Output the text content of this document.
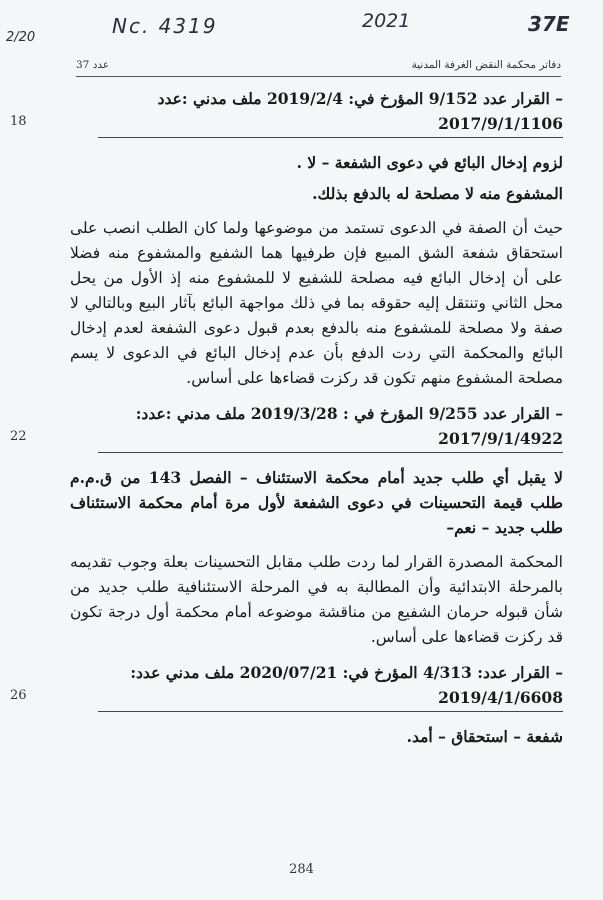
2/20	Nc. 4319	2021	37E
دفاتر محكمة النقض الغرفة المدنية
عدد 37
– القرار عدد 9/152 المؤرخ في: 2019/2/4 ملف مدني :عدد
2017/9/1/1106
18

لزوم إدخال البائع في دعوى الشفعة – لا .

المشفوع منه لا مصلحة له بالدفع بذلك.

حيث أن الصفة في الدعوى تستمد من موضوعها ولما كان الطلب انصب على استحقاق شفعة الشق المبيع فإن طرفيها هما الشفيع والمشفوع منه فضلا على أن إدخال البائع فيه مصلحة للشفيع لا للمشفوع منه إذ الأول من يحل محل الثاني وتنتقل إليه حقوقه بما في ذلك مواجهة البائع بآثار البيع وبالتالي لا صفة ولا مصلحة للمشفوع منه بالدفع بعدم قبول دعوى الشفعة لعدم إدخال البائع والمحكمة التي ردت الدفع بأن عدم إدخال البائع في الدعوى لا يسم مصلحة المشفوع منهم تكون قد ركزت قضاءها على أساس.

– القرار عدد 9/255 المؤرخ في : 2019/3/28 ملف مدني :عدد:
2017/9/1/4922
22

لا يقبل أي طلب جديد أمام محكمة الاستئناف – الفصل 143 من ق.م.م طلب قيمة التحسينات في دعوى الشفعة لأول مرة أمام محكمة الاستئناف طلب جديد – نعم–

المحكمة المصدرة القرار لما ردت طلب مقابل التحسينات بعلة وجوب تقديمه بالمرحلة الابتدائية وأن المطالبة به في المرحلة الاستئنافية طلب جديد من شأن قبوله حرمان الشفيع من مناقشة موضوعه أمام محكمة أول درجة تكون قد ركزت قضاءها على أساس.

– القرار عدد: 4/313 المؤرخ في: 2020/07/21 ملف مدني عدد:
2019/4/1/6608
26

شفعة – استحقاق – أمد.

284
